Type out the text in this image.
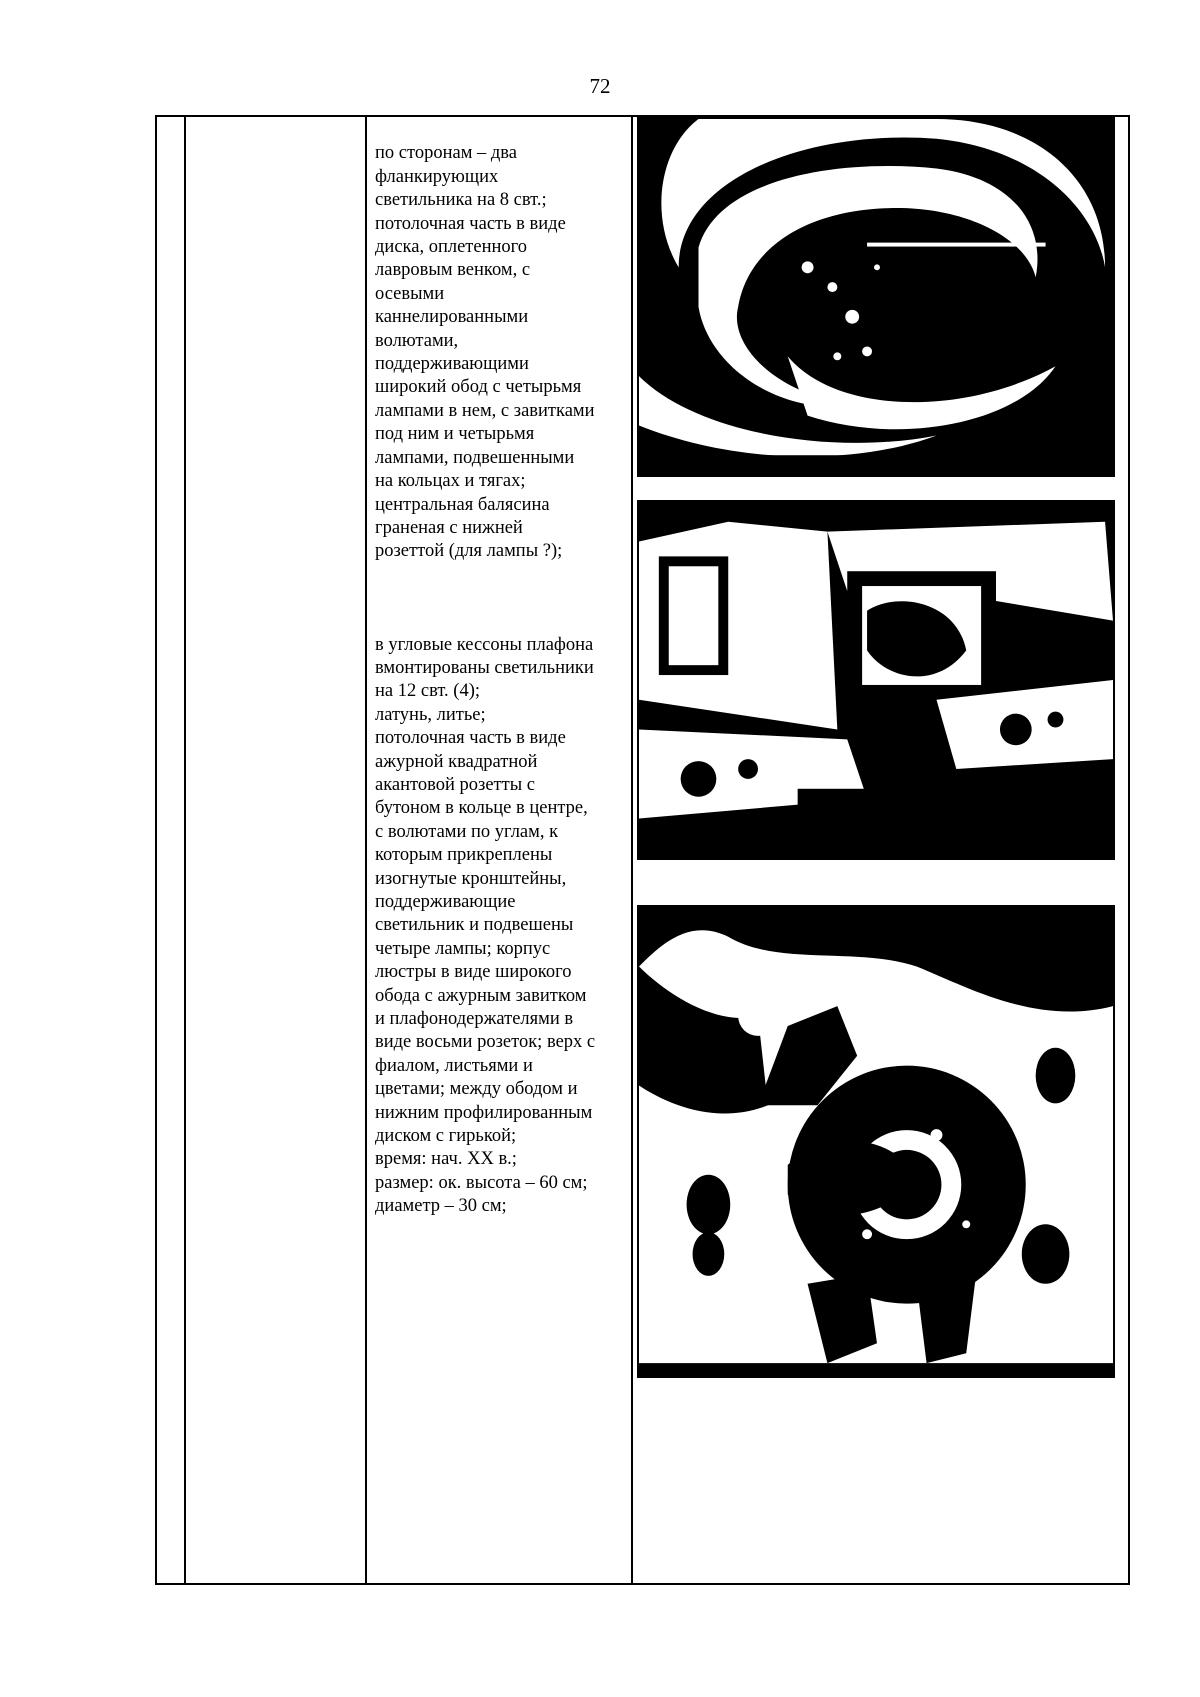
72

по сторонам – два
фланкирующих
светильника на 8 свт.;
потолочная часть в виде
диска, оплетенного
лавровым венком, с
осевыми
каннелированными
волютами,
поддерживающими
широкий обод с четырьмя
лампами в нем, с завитками
под ним и четырьмя
лампами, подвешенными
на кольцах и тягах;
центральная балясина
граненая с нижней
розеттой (для лампы ?);

в угловые кессоны плафона
вмонтированы светильники
на 12 свт. (4);
латунь, литье;
потолочная часть в виде
ажурной квадратной
акантовой розетты с
бутоном в кольце в центре,
с волютами по углам, к
которым прикреплены
изогнутые кронштейны,
поддерживающие
светильник и подвешены
четыре лампы; корпус
люстры в виде широкого
обода с ажурным завитком
и плафонодержателями в
виде восьми розеток; верх с
фиалом, листьями и
цветами; между ободом и
нижним профилированным
диском с гирькой;
время: нач. XX в.;
размер: ок. высота – 60 см;
диаметр – 30 см;
